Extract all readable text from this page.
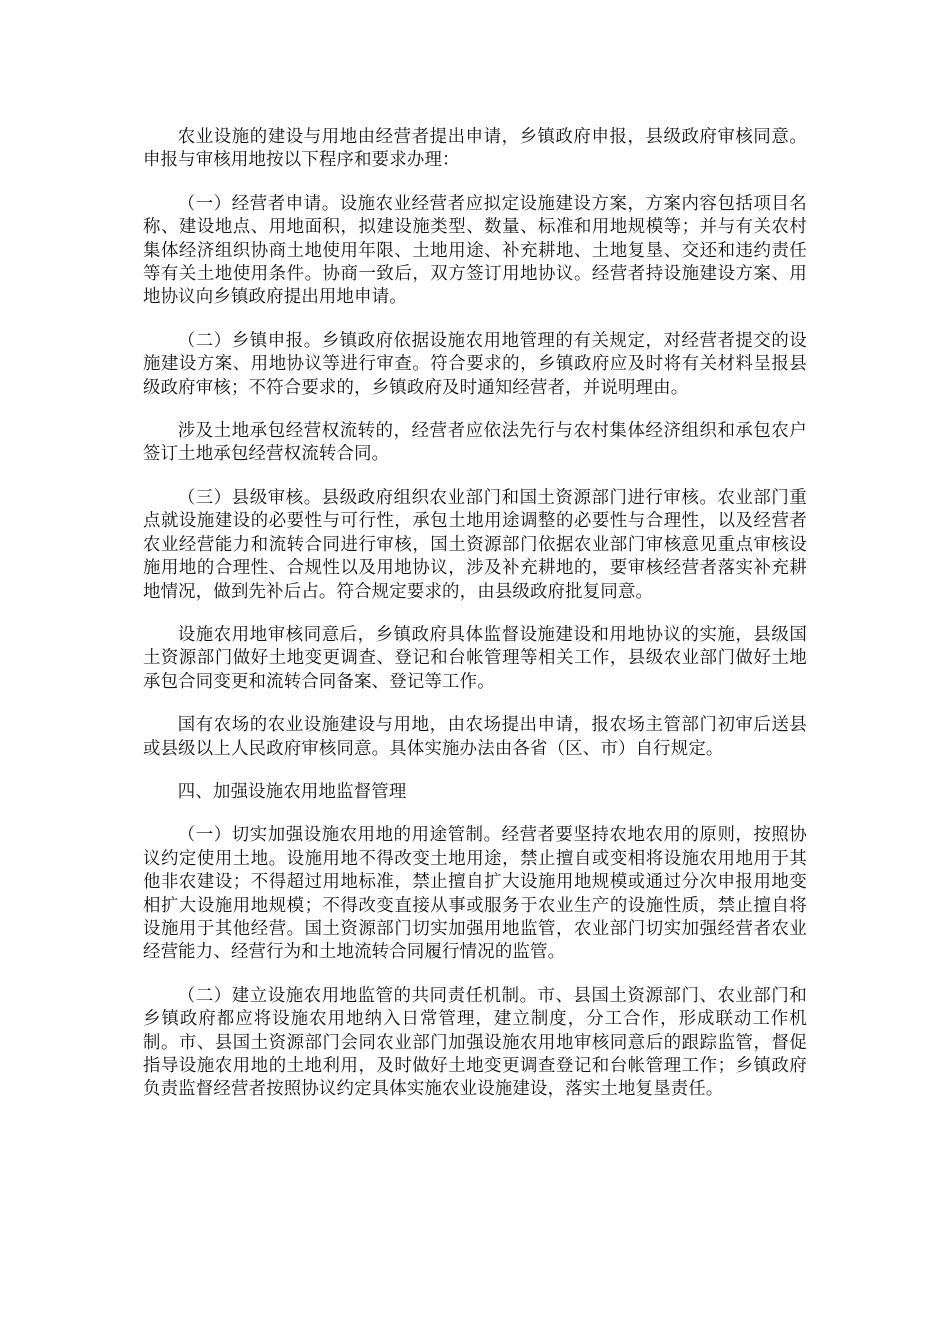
农业设施的建设与用地由经营者提出申请，乡镇政府申报，县级政府审核同意。申报与审核用地按以下程序和要求办理：

（一）经营者申请。设施农业经营者应拟定设施建设方案，方案内容包括项目名称、建设地点、用地面积，拟建设施类型、数量、标准和用地规模等；并与有关农村集体经济组织协商土地使用年限、土地用途、补充耕地、土地复垦、交还和违约责任等有关土地使用条件。协商一致后，双方签订用地协议。经营者持设施建设方案、用地协议向乡镇政府提出用地申请。

（二）乡镇申报。乡镇政府依据设施农用地管理的有关规定，对经营者提交的设施建设方案、用地协议等进行审查。符合要求的，乡镇政府应及时将有关材料呈报县级政府审核；不符合要求的，乡镇政府及时通知经营者，并说明理由。

涉及土地承包经营权流转的，经营者应依法先行与农村集体经济组织和承包农户签订土地承包经营权流转合同。

（三）县级审核。县级政府组织农业部门和国土资源部门进行审核。农业部门重点就设施建设的必要性与可行性，承包土地用途调整的必要性与合理性，以及经营者农业经营能力和流转合同进行审核，国土资源部门依据农业部门审核意见重点审核设施用地的合理性、合规性以及用地协议，涉及补充耕地的，要审核经营者落实补充耕地情况，做到先补后占。符合规定要求的，由县级政府批复同意。

设施农用地审核同意后，乡镇政府具体监督设施建设和用地协议的实施，县级国土资源部门做好土地变更调查、登记和台帐管理等相关工作，县级农业部门做好土地承包合同变更和流转合同备案、登记等工作。

国有农场的农业设施建设与用地，由农场提出申请，报农场主管部门初审后送县或县级以上人民政府审核同意。具体实施办法由各省（区、市）自行规定。

四、加强设施农用地监督管理

（一）切实加强设施农用地的用途管制。经营者要坚持农地农用的原则，按照协议约定使用土地。设施用地不得改变土地用途，禁止擅自或变相将设施农用地用于其他非农建设；不得超过用地标准，禁止擅自扩大设施用地规模或通过分次申报用地变相扩大设施用地规模；不得改变直接从事或服务于农业生产的设施性质，禁止擅自将设施用于其他经营。国土资源部门切实加强用地监管，农业部门切实加强经营者农业经营能力、经营行为和土地流转合同履行情况的监管。

（二）建立设施农用地监管的共同责任机制。市、县国土资源部门、农业部门和乡镇政府都应将设施农用地纳入日常管理，建立制度，分工合作，形成联动工作机制。市、县国土资源部门会同农业部门加强设施农用地审核同意后的跟踪监管，督促指导设施农用地的土地利用，及时做好土地变更调查登记和台帐管理工作；乡镇政府负责监督经营者按照协议约定具体实施农业设施建设，落实土地复垦责任。
